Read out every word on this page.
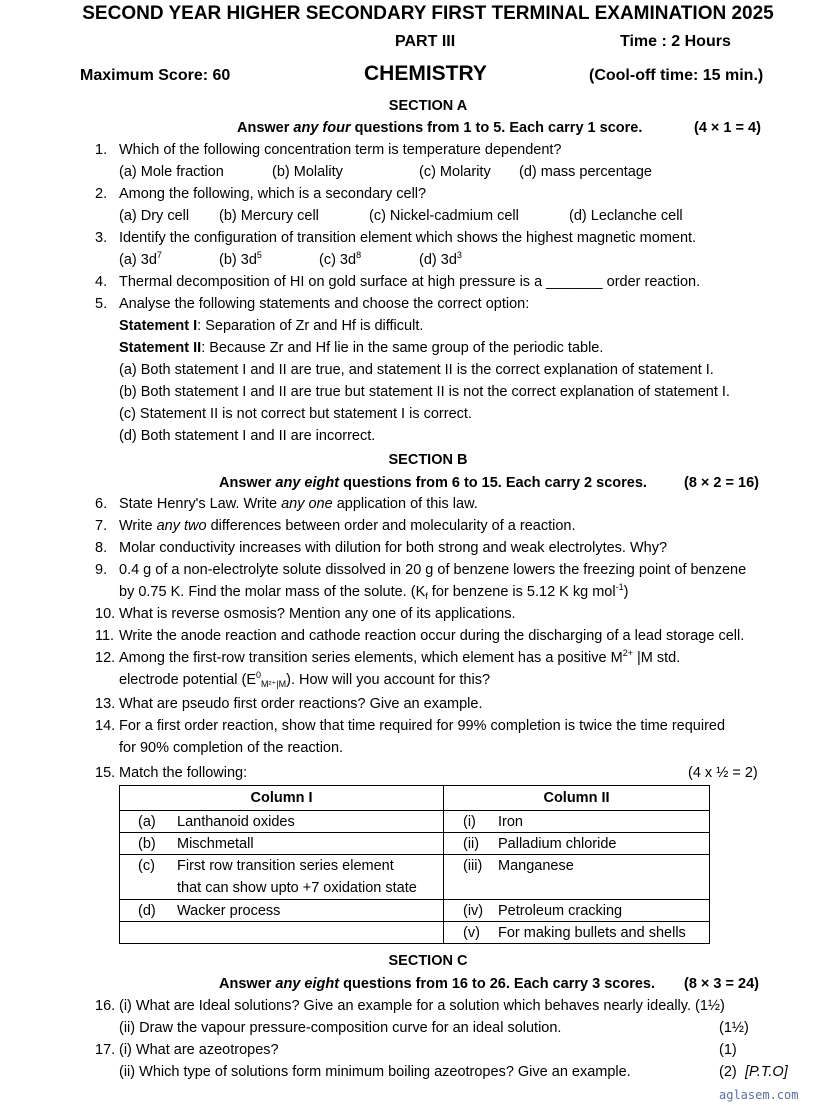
SECOND YEAR HIGHER SECONDARY FIRST TERMINAL EXAMINATION 2025
PART III	Time : 2 Hours
Maximum Score: 60	CHEMISTRY	(Cool-off time: 15 min.)
SECTION A
Answer any four questions from 1 to 5. Each carry 1 score.	(4 × 1 = 4)
1. Which of the following concentration term is temperature dependent?
(a) Mole fraction	(b) Molality	(c) Molarity (d) mass percentage
2. Among the following, which is a secondary cell?
(a) Dry cell (b) Mercury cell	(c) Nickel-cadmium cell	(d) Leclanche cell
3. Identify the configuration of transition element which shows the highest magnetic moment.
(a) $3d^7$	(b) $3d^5$	(c) $3d^8$	(d) $3d^3$
4. Thermal decomposition of HI on gold surface at high pressure is a _______ order reaction.
5. Analyse the following statements and choose the correct option:
Statement I: Separation of Zr and Hf is difficult.
Statement II: Because Zr and Hf lie in the same group of the periodic table.
(a) Both statement I and II are true, and statement II is the correct explanation of statement I.
(b) Both statement I and II are true but statement II is not the correct explanation of statement I.
(c) Statement II is not correct but statement I is correct.
(d) Both statement I and II are incorrect.
SECTION B
Answer any eight questions from 6 to 15. Each carry 2 scores.	(8 × 2 = 16)
6. State Henry's Law. Write any one application of this law.
7. Write any two differences between order and molecularity of a reaction.
8. Molar conductivity increases with dilution for both strong and weak electrolytes. Why?
9. 0.4 g of a non-electrolyte solute dissolved in 20 g of benzene lowers the freezing point of benzene
by 0.75 K. Find the molar mass of the solute. ($K_f$ for benzene is 5.12 K kg mol$^{-1}$)
10. What is reverse osmosis? Mention any one of its applications.
11. Write the anode reaction and cathode reaction occur during the discharging of a lead storage cell.
12. Among the first-row transition series elements, which element has a positive $M^{2+}$ |M std.
electrode potential $(E^0_{M^{2+}|M})$. How will you account for this?
13. What are pseudo first order reactions? Give an example.
14. For a first order reaction, show that time required for 99% completion is twice the time required
for 90% completion of the reaction.
15. Match the following:	(4 x ½ = 2)
Column I	Column II

(a) Lanthanoid oxides	(i) Iron

(b) Mischmetall	(ii) Palladium chloride

(c) First row transition series element
that can show upto +7 oxidation state	(iii) Manganese

(d) Wacker process	(iv) Petroleum cracking

	(v) For making bullets and shells
SECTION C
Answer any eight questions from 16 to 26. Each carry 3 scores. (8 × 3 = 24)
16. (i) What are Ideal solutions? Give an example for a solution which behaves nearly ideally. (1½)
(ii) Draw the vapour pressure-composition curve for an ideal solution.	(1½)
17. (i) What are azeotropes?	(1)
(ii) Which type of solutions form minimum boiling azeotropes? Give an example.	(2) [P.T.O]
aglasem.com
